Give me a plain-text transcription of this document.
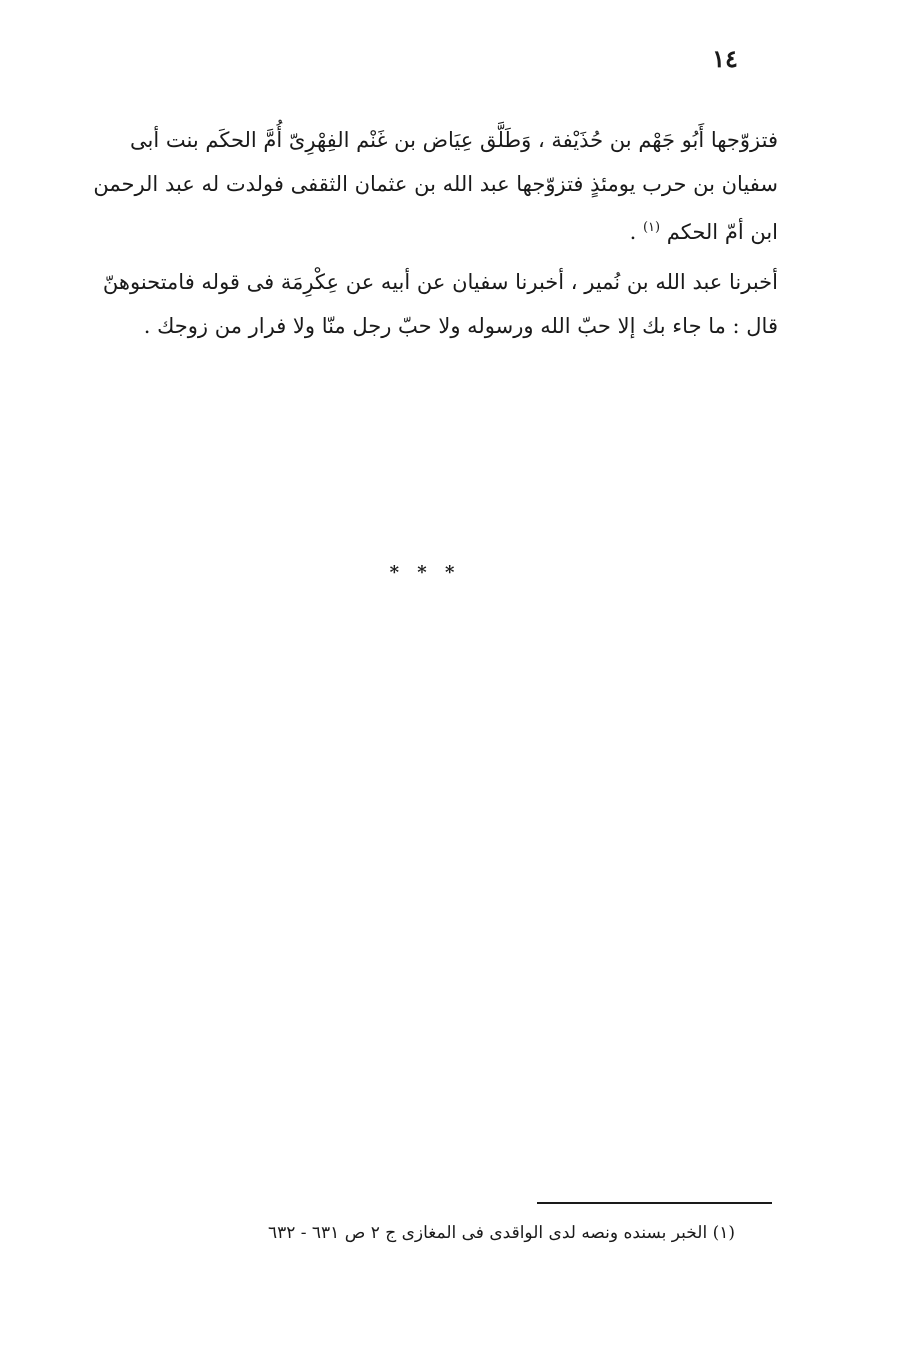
١٤
فتزوّجها أَبُو جَهْم بن حُذَيْفة ، وَطَلَّق عِيَاض بن غَنْم الفِهْرِىّ أُمَّ الحكَم بنت أبى
سفيان بن حرب يومئذٍ فتزوّجها عبد الله بن عثمان الثقفى فولدت له عبد الرحمن
ابن أمّ الحكم $^{(١)}$ .
أخبرنا عبد الله بن نُمير ، أخبرنا سفيان عن أبيه عن عِكْرِمَة فى قوله فامتحنوهنّ
قال : ما جاء بك إلا حبّ الله ورسوله ولا حبّ رجل منّا ولا فرار من زوجك .
* * *
(١) الخبر بسنده ونصه لدى الواقدى فى المغازى ج ٢ ص ٦٣١ - ٦٣٢
